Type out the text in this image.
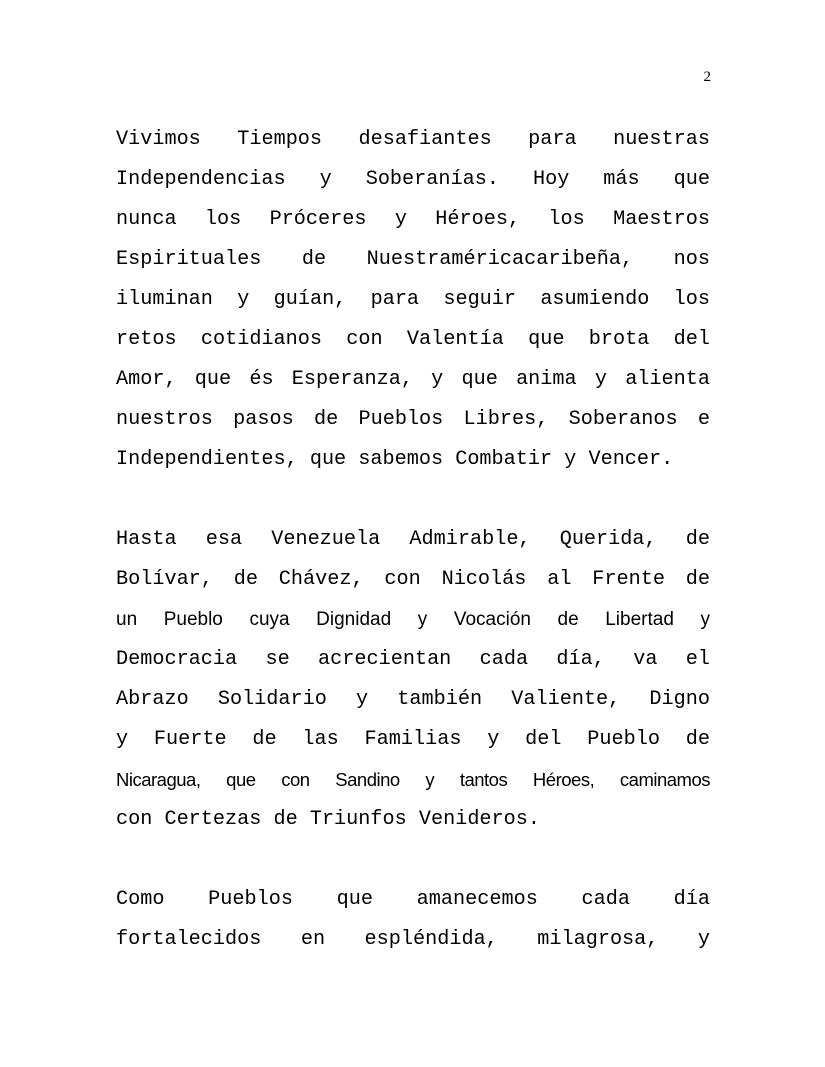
2
Vivimos Tiempos desafiantes para nuestras
Independencias y Soberanías. Hoy más que
nunca los Próceres y Héroes, los Maestros
Espirituales de Nuestraméricacaribeña, nos
iluminan y guían, para seguir asumiendo los
retos cotidianos con Valentía que brota del
Amor, que és Esperanza, y que anima y alienta
nuestros pasos de Pueblos Libres, Soberanos e
Independientes, que sabemos Combatir y Vencer.
Hasta esa Venezuela Admirable, Querida, de
Bolívar, de Chávez, con Nicolás al Frente de
un Pueblo cuya Dignidad y Vocación de Libertad y
Democracia se acrecientan cada día, va el
Abrazo Solidario y también Valiente, Digno
y Fuerte de las Familias y del Pueblo de
Nicaragua, que con Sandino y tantos Héroes, caminamos
con Certezas de Triunfos Venideros.
Como Pueblos que amanecemos cada día
fortalecidos en espléndida, milagrosa, y
